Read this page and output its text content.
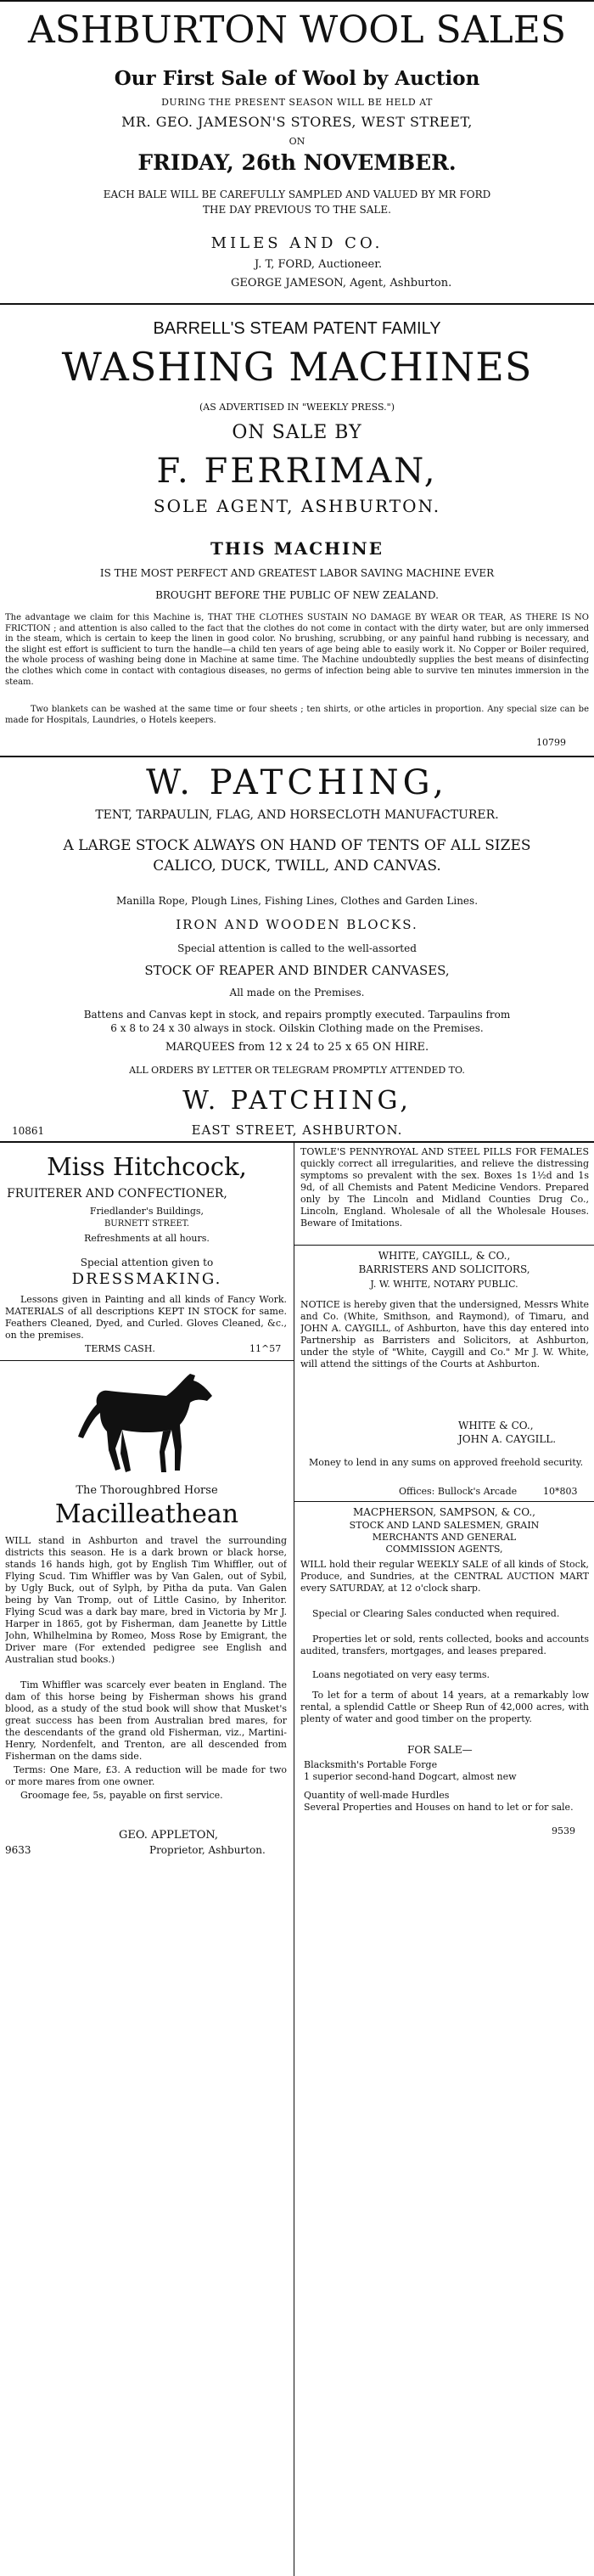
ASHBURTON WOOL SALES
Our First Sale of Wool by Auction
DURING THE PRESENT SEASON WILL BE HELD AT
MR. GEO. JAMESON'S STORES, WEST STREET,
ON
FRIDAY, 26th NOVEMBER.
EACH BALE WILL BE CAREFULLY SAMPLED AND VALUED BY MR FORD
THE DAY PREVIOUS TO THE SALE.
MILES AND CO.
J. T, FORD, Auctioneer.
GEORGE JAMESON, Agent, Ashburton.
BARRELL'S STEAM PATENT FAMILY
WASHING MACHINES
(AS ADVERTISED IN "WEEKLY PRESS.")
ON SALE BY
F. FERRIMAN,
SOLE AGENT, ASHBURTON.
THIS MACHINE
IS THE MOST PERFECT AND GREATEST LABOR SAVING MACHINE EVER
BROUGHT BEFORE THE PUBLIC OF NEW ZEALAND.
The advantage we claim for this Machine is, THAT THE CLOTHES SUSTAIN NO DAMAGE BY WEAR OR TEAR, AS THERE IS NO FRICTION ; and attention is also called to the fact that the clothes do not come in contact with the dirty water, but are only immersed in the steam, which is certain to keep the linen in good color. No brushing, scrubbing, or any painful hand rubbing is necessary, and the slight est effort is sufficient to turn the handle—a child ten years of age being able to easily work it. No Copper or Boiler required, the whole process of washing being done in Machine at same time. The Machine undoubtedly supplies the best means of disinfecting the clothes which come in contact with contagious diseases, no germs of infection being able to survive ten minutes immersion in the steam.
Two blankets can be washed at the same time or four sheets ; ten shirts, or othe articles in proportion. Any special size can be made for Hospitals, Laundries, o Hotels keepers.
10799
W. PATCHING,
TENT, TARPAULIN, FLAG, AND HORSECLOTH MANUFACTURER.
A LARGE STOCK ALWAYS ON HAND OF TENTS OF ALL SIZES
CALICO, DUCK, TWILL, AND CANVAS.
Manilla Rope, Plough Lines, Fishing Lines, Clothes and Garden Lines.
IRON AND WOODEN BLOCKS.
Special attention is called to the well-assorted
STOCK OF REAPER AND BINDER CANVASES,
All made on the Premises.
Battens and Canvas kept in stock, and repairs promptly executed. Tarpaulins from
6 x 8 to 24 x 30 always in stock. Oilskin Clothing made on the Premises.
MARQUEES from 12 x 24 to 25 x 65 ON HIRE.
ALL ORDERS BY LETTER OR TELEGRAM PROMPTLY ATTENDED TO.
W. PATCHING,
10861	EAST STREET, ASHBURTON.
Miss Hitchcock,
FRUITERER AND CONFECTIONER,
Friedlander's Buildings,
BURNETT STREET.
Refreshments at all hours.
Special attention given to
DRESSMAKING.
Lessons given in Painting and all kinds of Fancy Work. MATERIALS of all descriptions KEPT IN STOCK for same. Feathers Cleaned, Dyed, and Curled. Gloves Cleaned, &c., on the premises.
TERMS CASH.	11^57
The Thoroughbred Horse
Macilleathean
WILL stand in Ashburton and travel the surrounding districts this season. He is a dark brown or black horse, stands 16 hands high, got by English Tim Whiffler, out of Flying Scud. Tim Whiffler was by Van Galen, out of Sybil, by Ugly Buck, out of Sylph, by Pitha da puta. Van Galen being by Van Tromp, out of Little Casino, by Inheritor. Flying Scud was a dark bay mare, bred in Victoria by Mr J. Harper in 1865, got by Fisherman, dam Jeanette by Little John, Whilhelmina by Romeo, Moss Rose by Emigrant, the Driver mare (For extended pedigree see English and Australian stud books.)
Tim Whiffler was scarcely ever beaten in England. The dam of this horse being by Fisherman shows his grand blood, as a study of the stud book will show that Musket's great success has been from Australian bred mares, for the descendants of the grand old Fisherman, viz., Martini-Henry, Nordenfelt, and Trenton, are all descended from Fisherman on the dams side.
Terms: One Mare, £3. A reduction will be made for two or more mares from one owner.
Groomage fee, 5s, payable on first service.
GEO. APPLETON,
Proprietor, Ashburton.
9633
TOWLE'S PENNYROYAL AND STEEL PILLS FOR FEMALES quickly correct all irregularities, and relieve the distressing symptoms so prevalent with the sex. Boxes 1s 1½d and 1s 9d, of all Chemists and Patent Medicine Vendors. Prepared only by The Lincoln and Midland Counties Drug Co., Lincoln, England. Wholesale of all the Wholesale Houses. Beware of Imitations.
WHITE, CAYGILL, & CO.,
BARRISTERS AND SOLICITORS,
J. W. WHITE, NOTARY PUBLIC.
NOTICE is hereby given that the undersigned, Messrs White and Co. (White, Smithson, and Raymond), of Timaru, and JOHN A. CAYGILL, of Ashburton, have this day entered into Partnership as Barristers and Solicitors, at Ashburton, under the style of "White, Caygill and Co." Mr J. W. White, will attend the sittings of the Courts at Ashburton.
WHITE & CO.,
JOHN A. CAYGILL.
Money to lend in any sums on approved freehold security.
Offices: Bullock's Arcade	10*803
MACPHERSON, SAMPSON, & CO.,
STOCK AND LAND SALESMEN, GRAIN
MERCHANTS AND GENERAL
COMMISSION AGENTS,
WILL hold their regular WEEKLY SALE of all kinds of Stock, Produce, and Sundries, at the CENTRAL AUCTION MART every SATURDAY, at 12 o'clock sharp.
Special or Clearing Sales conducted when required.
Properties let or sold, rents collected, books and accounts audited, transfers, mortgages, and leases prepared.
Loans negotiated on very easy terms.
To let for a term of about 14 years, at a remarkably low rental, a splendid Cattle or Sheep Run of 42,000 acres, with plenty of water and good timber on the property.
FOR SALE—
Blacksmith's Portable Forge
1 superior second-hand Dogcart, almost new
Quantity of well-made Hurdles
Several Properties and Houses on hand to let or for sale.
9539
